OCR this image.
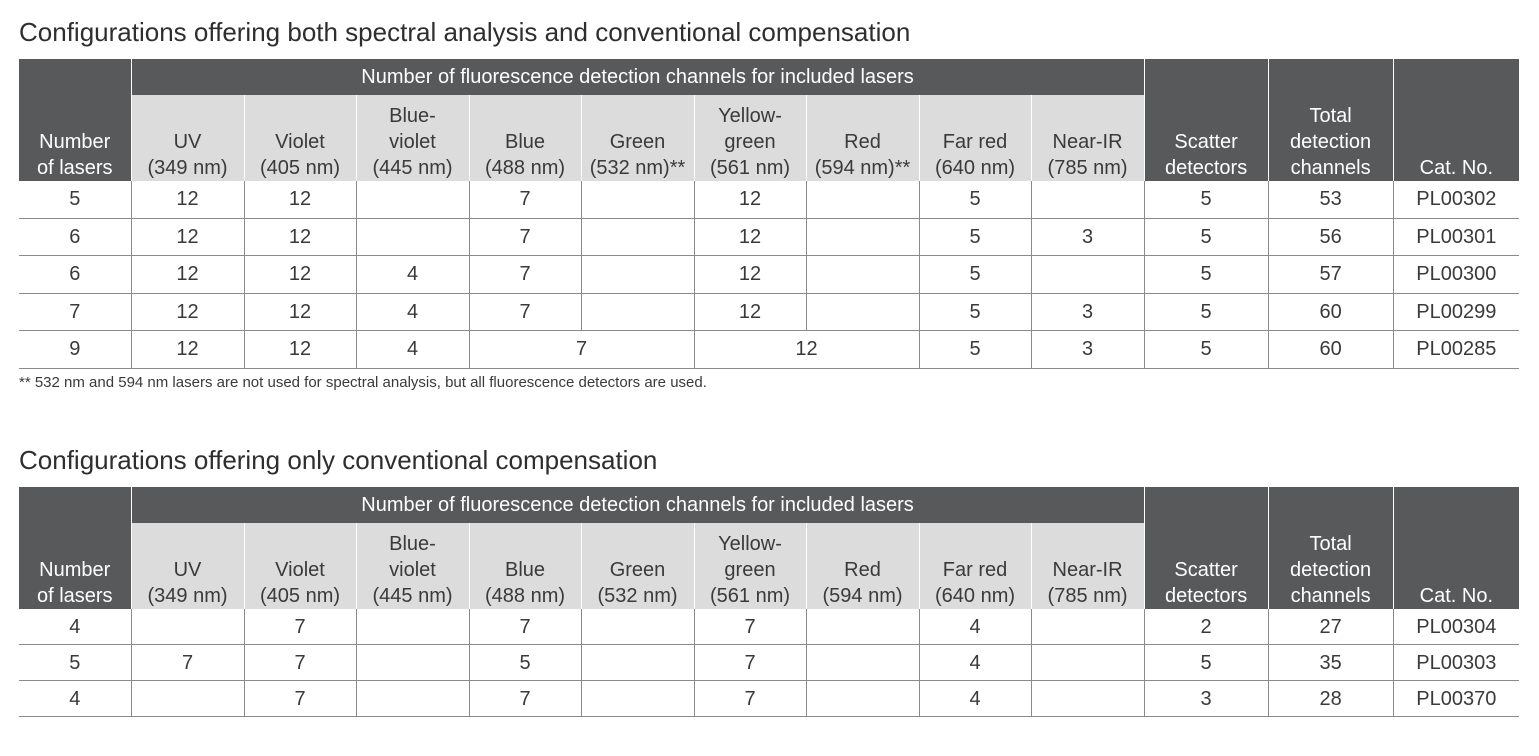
Configurations offering both spectral analysis and conventional compensation
Number
of lasers	Number of fluorescence detection channels for included lasers									Scatter
detectors	Total
detection
channels	Cat. No.
	UV
(349 nm)	Violet
(405 nm)	Blue-
violet
(445 nm)	Blue
(488 nm)	Green
(532 nm)**	Yellow-
green
(561 nm)	Red
(594 nm)**	Far red
(640 nm)	Near-IR
(785 nm)			
5	12	12		7		12		5		5	53	PL00302
6	12	12		7		12		5	3	5	56	PL00301
6	12	12	4	7		12		5		5	57	PL00300
7	12	12	4	7		12		5	3	5	60	PL00299
9	12	12	4	7		12		5	3	5	60	PL00285

** 532 nm and 594 nm lasers are not used for spectral analysis, but all fluorescence detectors are used.

Configurations offering only conventional compensation
Number
of lasers	Number of fluorescence detection channels for included lasers									Scatter
detectors	Total
detection
channels	Cat. No.
	UV
(349 nm)	Violet
(405 nm)	Blue-
violet
(445 nm)	Blue
(488 nm)	Green
(532 nm)	Yellow-
green
(561 nm)	Red
(594 nm)	Far red
(640 nm)	Near-IR
(785 nm)			
4		7		7		7		4		2	27	PL00304
5	7	7		5		7		4		5	35	PL00303
4		7		7		7		4		3	28	PL00370
